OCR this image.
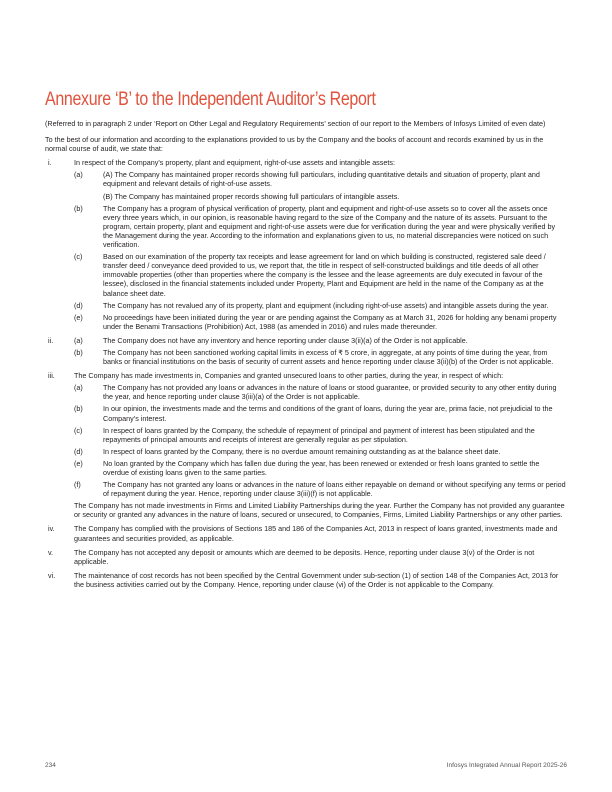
Annexure ‘B’ to the Independent Auditor’s Report

(Referred to in paragraph 2 under ‘Report on Other Legal and Regulatory Requirements’ section of our report to the Members of Infosys Limited of even date)

To the best of our information and according to the explanations provided to us by the Company and the books of account and records examined by us in the normal course of audit, we state that:

i.	In respect of the Company’s property, plant and equipment, right-of-use assets and intangible assets:

(a)	(A) The Company has maintained proper records showing full particulars, including quantitative details and situation of property, plant and equipment and relevant details of right-of-use assets.

(B) The Company has maintained proper records showing full particulars of intangible assets.

(b)	The Company has a program of physical verification of property, plant and equipment and right-of-use assets so to cover all the assets once every three years which, in our opinion, is reasonable having regard to the size of the Company and the nature of its assets. Pursuant to the program, certain property, plant and equipment and right-of-use assets were due for verification during the year and were physically verified by the Management during the year. According to the information and explanations given to us, no material discrepancies were noticed on such verification.

(c)	Based on our examination of the property tax receipts and lease agreement for land on which building is constructed, registered sale deed / transfer deed / conveyance deed provided to us, we report that, the title in respect of self-constructed buildings and title deeds of all other immovable properties (other than properties where the company is the lessee and the lease agreements are duly executed in favour of the lessee), disclosed in the financial statements included under Property, Plant and Equipment are held in the name of the Company as at the balance sheet date.

(d)	The Company has not revalued any of its property, plant and equipment (including right-of-use assets) and intangible assets during the year.

(e)	No proceedings have been initiated during the year or are pending against the Company as at March 31, 2026 for holding any benami property under the Benami Transactions (Prohibition) Act, 1988 (as amended in 2016) and rules made thereunder.

ii.	(a)	The Company does not have any inventory and hence reporting under clause 3(ii)(a) of the Order is not applicable.

(b)	The Company has not been sanctioned working capital limits in excess of ₹ 5 crore, in aggregate, at any points of time during the year, from banks or financial institutions on the basis of security of current assets and hence reporting under clause 3(ii)(b) of the Order is not applicable.

iii.	The Company has made investments in, Companies and granted unsecured loans to other parties, during the year, in respect of which:

(a)	The Company has not provided any loans or advances in the nature of loans or stood guarantee, or provided security to any other entity during the year, and hence reporting under clause 3(iii)(a) of the Order is not applicable.

(b)	In our opinion, the investments made and the terms and conditions of the grant of loans, during the year are, prima facie, not prejudicial to the Company’s interest.

(c)	In respect of loans granted by the Company, the schedule of repayment of principal and payment of interest has been stipulated and the repayments of principal amounts and receipts of interest are generally regular as per stipulation.

(d)	In respect of loans granted by the Company, there is no overdue amount remaining outstanding as at the balance sheet date.

(e)	No loan granted by the Company which has fallen due during the year, has been renewed or extended or fresh loans granted to settle the overdue of existing loans given to the same parties.

(f)	The Company has not granted any loans or advances in the nature of loans either repayable on demand or without specifying any terms or period of repayment during the year. Hence, reporting under clause 3(iii)(f) is not applicable.

The Company has not made investments in Firms and Limited Liability Partnerships during the year. Further the Company has not provided any guarantee or security or granted any advances in the nature of loans, secured or unsecured, to Companies, Firms, Limited Liability Partnerships or any other parties.

iv.	The Company has complied with the provisions of Sections 185 and 186 of the Companies Act, 2013 in respect of loans granted, investments made and guarantees and securities provided, as applicable.

v.	The Company has not accepted any deposit or amounts which are deemed to be deposits. Hence, reporting under clause 3(v) of the Order is not applicable.

vi.	The maintenance of cost records has not been specified by the Central Government under sub-section (1) of section 148 of the Companies Act, 2013 for the business activities carried out by the Company. Hence, reporting under clause (vi) of the Order is not applicable to the Company.

234	Infosys Integrated Annual Report 2025-26
